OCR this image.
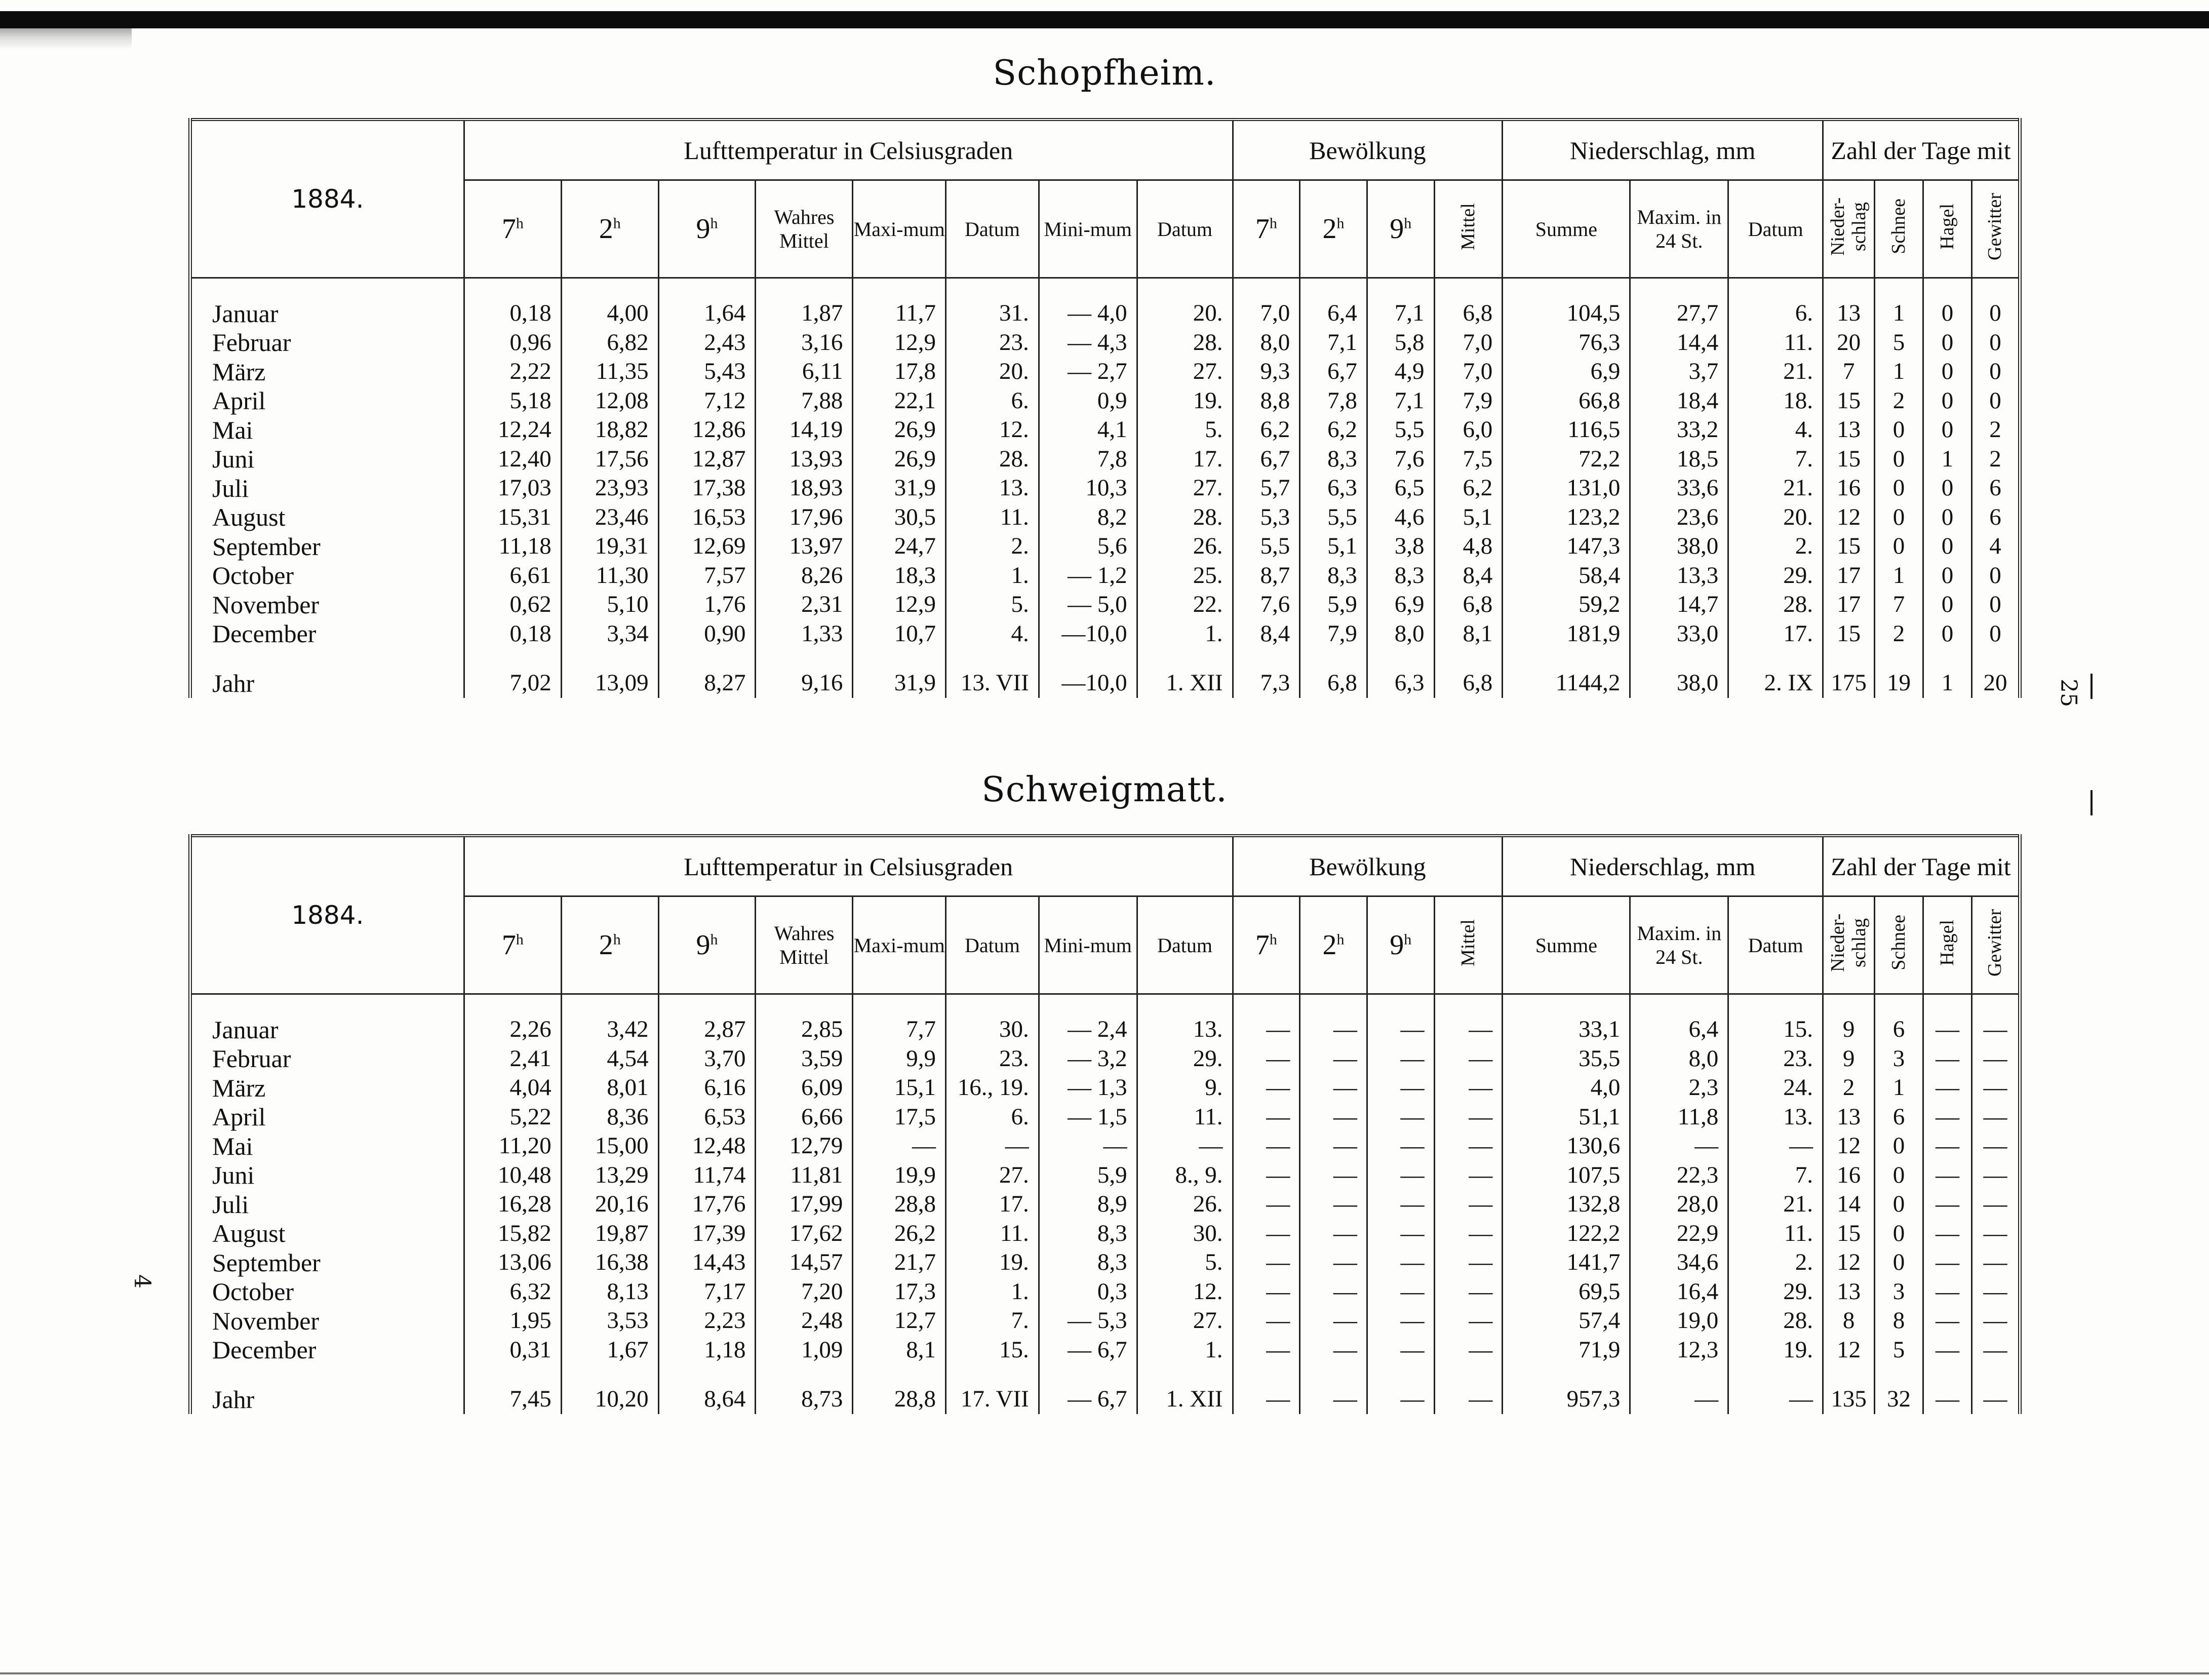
Schopfheim.
Schweigmatt.
25
4
1884.	Lufttemperatur in Celsiusgraden								Bewölkung				Niederschlag, mm			Zahl der Tage mit			
	7$^h$	2$^h$	9$^h$	Wahres Mittel	Maxi-mum	Datum	Mini-mum	Datum	7$^h$	2$^h$	9$^h$	Mittel	Summe	Maxim. in 24 St.	Datum	Nieder-schlag	Schnee	Hagel	Gewitter

Januar	0,18	4,00	1,64	1,87	11,7	31.	— 4,0	20.	7,0	6,4	7,1	6,8	104,5	27,7	6.	13	1	0	0
Februar	0,96	6,82	2,43	3,16	12,9	23.	— 4,3	28.	8,0	7,1	5,8	7,0	76,3	14,4	11.	20	5	0	0
März	2,22	11,35	5,43	6,11	17,8	20.	— 2,7	27.	9,3	6,7	4,9	7,0	6,9	3,7	21.	7	1	0	0
April	5,18	12,08	7,12	7,88	22,1	6.	0,9	19.	8,8	7,8	7,1	7,9	66,8	18,4	18.	15	2	0	0
Mai	12,24	18,82	12,86	14,19	26,9	12.	4,1	5.	6,2	6,2	5,5	6,0	116,5	33,2	4.	13	0	0	2
Juni	12,40	17,56	12,87	13,93	26,9	28.	7,8	17.	6,7	8,3	7,6	7,5	72,2	18,5	7.	15	0	1	2
Juli	17,03	23,93	17,38	18,93	31,9	13.	10,3	27.	5,7	6,3	6,5	6,2	131,0	33,6	21.	16	0	0	6
August	15,31	23,46	16,53	17,96	30,5	11.	8,2	28.	5,3	5,5	4,6	5,1	123,2	23,6	20.	12	0	0	6
September	11,18	19,31	12,69	13,97	24,7	2.	5,6	26.	5,5	5,1	3,8	4,8	147,3	38,0	2.	15	0	0	4
October	6,61	11,30	7,57	8,26	18,3	1.	— 1,2	25.	8,7	8,3	8,3	8,4	58,4	13,3	29.	17	1	0	0
November	0,62	5,10	1,76	2,31	12,9	5.	— 5,0	22.	7,6	5,9	6,9	6,8	59,2	14,7	28.	17	7	0	0
December	0,18	3,34	0,90	1,33	10,7	4.	—10,0	1.	8,4	7,9	8,0	8,1	181,9	33,0	17.	15	2	0	0

Jahr	7,02	13,09	8,27	9,16	31,9	13. VII	—10,0	1. XII	7,3	6,8	6,3	6,8	1144,2	38,0	2. IX	175	19	1	20
1884.	Lufttemperatur in Celsiusgraden								Bewölkung				Niederschlag, mm			Zahl der Tage mit			
	7$^h$	2$^h$	9$^h$	Wahres Mittel	Maxi-mum	Datum	Mini-mum	Datum	7$^h$	2$^h$	9$^h$	Mittel	Summe	Maxim. in 24 St.	Datum	Nieder-schlag	Schnee	Hagel	Gewitter

Januar	2,26	3,42	2,87	2,85	7,7	30.	— 2,4	13.	—	—	—	—	33,1	6,4	15.	9	6	—	—
Februar	2,41	4,54	3,70	3,59	9,9	23.	— 3,2	29.	—	—	—	—	35,5	8,0	23.	9	3	—	—
März	4,04	8,01	6,16	6,09	15,1	16., 19.	— 1,3	9.	—	—	—	—	4,0	2,3	24.	2	1	—	—
April	5,22	8,36	6,53	6,66	17,5	6.	— 1,5	11.	—	—	—	—	51,1	11,8	13.	13	6	—	—
Mai	11,20	15,00	12,48	12,79	—	—	—	—	—	—	—	—	130,6	—	—	12	0	—	—
Juni	10,48	13,29	11,74	11,81	19,9	27.	5,9	8., 9.	—	—	—	—	107,5	22,3	7.	16	0	—	—
Juli	16,28	20,16	17,76	17,99	28,8	17.	8,9	26.	—	—	—	—	132,8	28,0	21.	14	0	—	—
August	15,82	19,87	17,39	17,62	26,2	11.	8,3	30.	—	—	—	—	122,2	22,9	11.	15	0	—	—
September	13,06	16,38	14,43	14,57	21,7	19.	8,3	5.	—	—	—	—	141,7	34,6	2.	12	0	—	—
October	6,32	8,13	7,17	7,20	17,3	1.	0,3	12.	—	—	—	—	69,5	16,4	29.	13	3	—	—
November	1,95	3,53	2,23	2,48	12,7	7.	— 5,3	27.	—	—	—	—	57,4	19,0	28.	8	8	—	—
December	0,31	1,67	1,18	1,09	8,1	15.	— 6,7	1.	—	—	—	—	71,9	12,3	19.	12	5	—	—

Jahr	7,45	10,20	8,64	8,73	28,8	17. VII	— 6,7	1. XII	—	—	—	—	957,3	—	—	135	32	—	—
